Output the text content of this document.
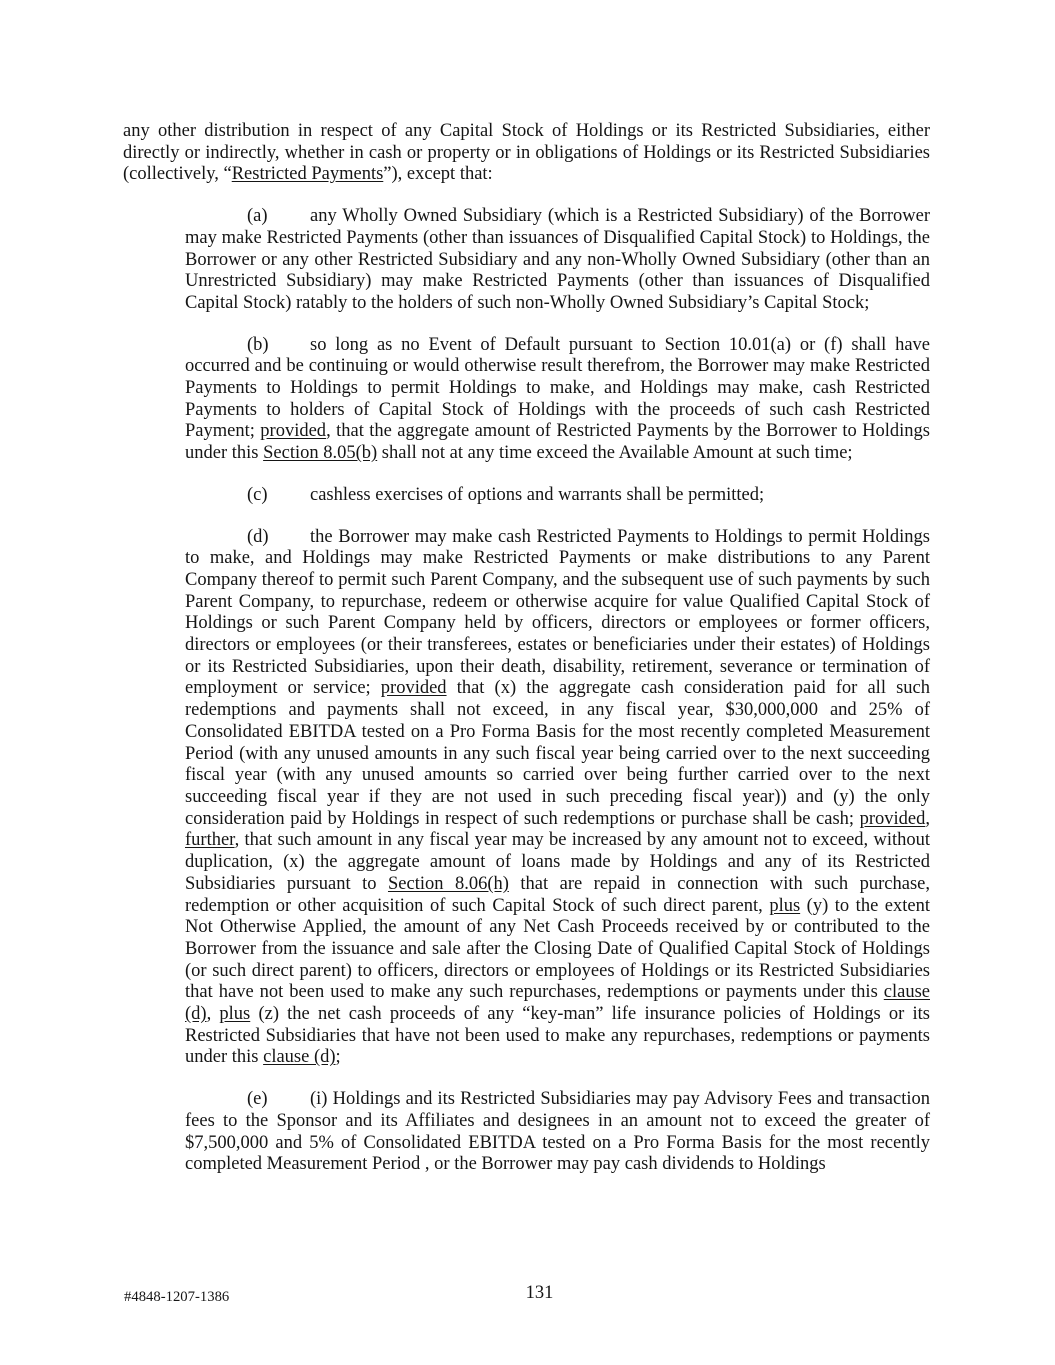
any other distribution in respect of any Capital Stock of Holdings or its Restricted Subsidiaries, either directly or indirectly, whether in cash or property or in obligations of Holdings or its Restricted Subsidiaries (collectively, “Restricted Payments”), except that:

(a) any Wholly Owned Subsidiary (which is a Restricted Subsidiary) of the Borrower may make Restricted Payments (other than issuances of Disqualified Capital Stock) to Holdings, the Borrower or any other Restricted Subsidiary and any non-Wholly Owned Subsidiary (other than an Unrestricted Subsidiary) may make Restricted Payments (other than issuances of Disqualified Capital Stock) ratably to the holders of such non-Wholly Owned Subsidiary’s Capital Stock;

(b) so long as no Event of Default pursuant to Section 10.01(a) or (f) shall have occurred and be continuing or would otherwise result therefrom, the Borrower may make Restricted Payments to Holdings to permit Holdings to make, and Holdings may make, cash Restricted Payments to holders of Capital Stock of Holdings with the proceeds of such cash Restricted Payment; provided, that the aggregate amount of Restricted Payments by the Borrower to Holdings under this Section 8.05(b) shall not at any time exceed the Available Amount at such time;

(c) cashless exercises of options and warrants shall be permitted;

(d) the Borrower may make cash Restricted Payments to Holdings to permit Holdings to make, and Holdings may make Restricted Payments or make distributions to any Parent Company thereof to permit such Parent Company, and the subsequent use of such payments by such Parent Company, to repurchase, redeem or otherwise acquire for value Qualified Capital Stock of Holdings or such Parent Company held by officers, directors or employees or former officers, directors or employees (or their transferees, estates or beneficiaries under their estates) of Holdings or its Restricted Subsidiaries, upon their death, disability, retirement, severance or termination of employment or service; provided that (x) the aggregate cash consideration paid for all such redemptions and payments shall not exceed, in any fiscal year, $30,000,000 and 25% of Consolidated EBITDA tested on a Pro Forma Basis for the most recently completed Measurement Period (with any unused amounts in any such fiscal year being carried over to the next succeeding fiscal year (with any unused amounts so carried over being further carried over to the next succeeding fiscal year if they are not used in such preceding fiscal year)) and (y) the only consideration paid by Holdings in respect of such redemptions or purchase shall be cash; provided, further, that such amount in any fiscal year may be increased by any amount not to exceed, without duplication, (x) the aggregate amount of loans made by Holdings and any of its Restricted Subsidiaries pursuant to Section 8.06(h) that are repaid in connection with such purchase, redemption or other acquisition of such Capital Stock of such direct parent, plus (y) to the extent Not Otherwise Applied, the amount of any Net Cash Proceeds received by or contributed to the Borrower from the issuance and sale after the Closing Date of Qualified Capital Stock of Holdings (or such direct parent) to officers, directors or employees of Holdings or its Restricted Subsidiaries that have not been used to make any such repurchases, redemptions or payments under this clause (d), plus (z) the net cash proceeds of any “key-man” life insurance policies of Holdings or its Restricted Subsidiaries that have not been used to make any repurchases, redemptions or payments under this clause (d);

(e) (i) Holdings and its Restricted Subsidiaries may pay Advisory Fees and transaction fees to the Sponsor and its Affiliates and designees in an amount not to exceed the greater of $7,500,000 and 5% of Consolidated EBITDA tested on a Pro Forma Basis for the most recently completed Measurement Period , or the Borrower may pay cash dividends to Holdings

#4848-1207-1386	131
